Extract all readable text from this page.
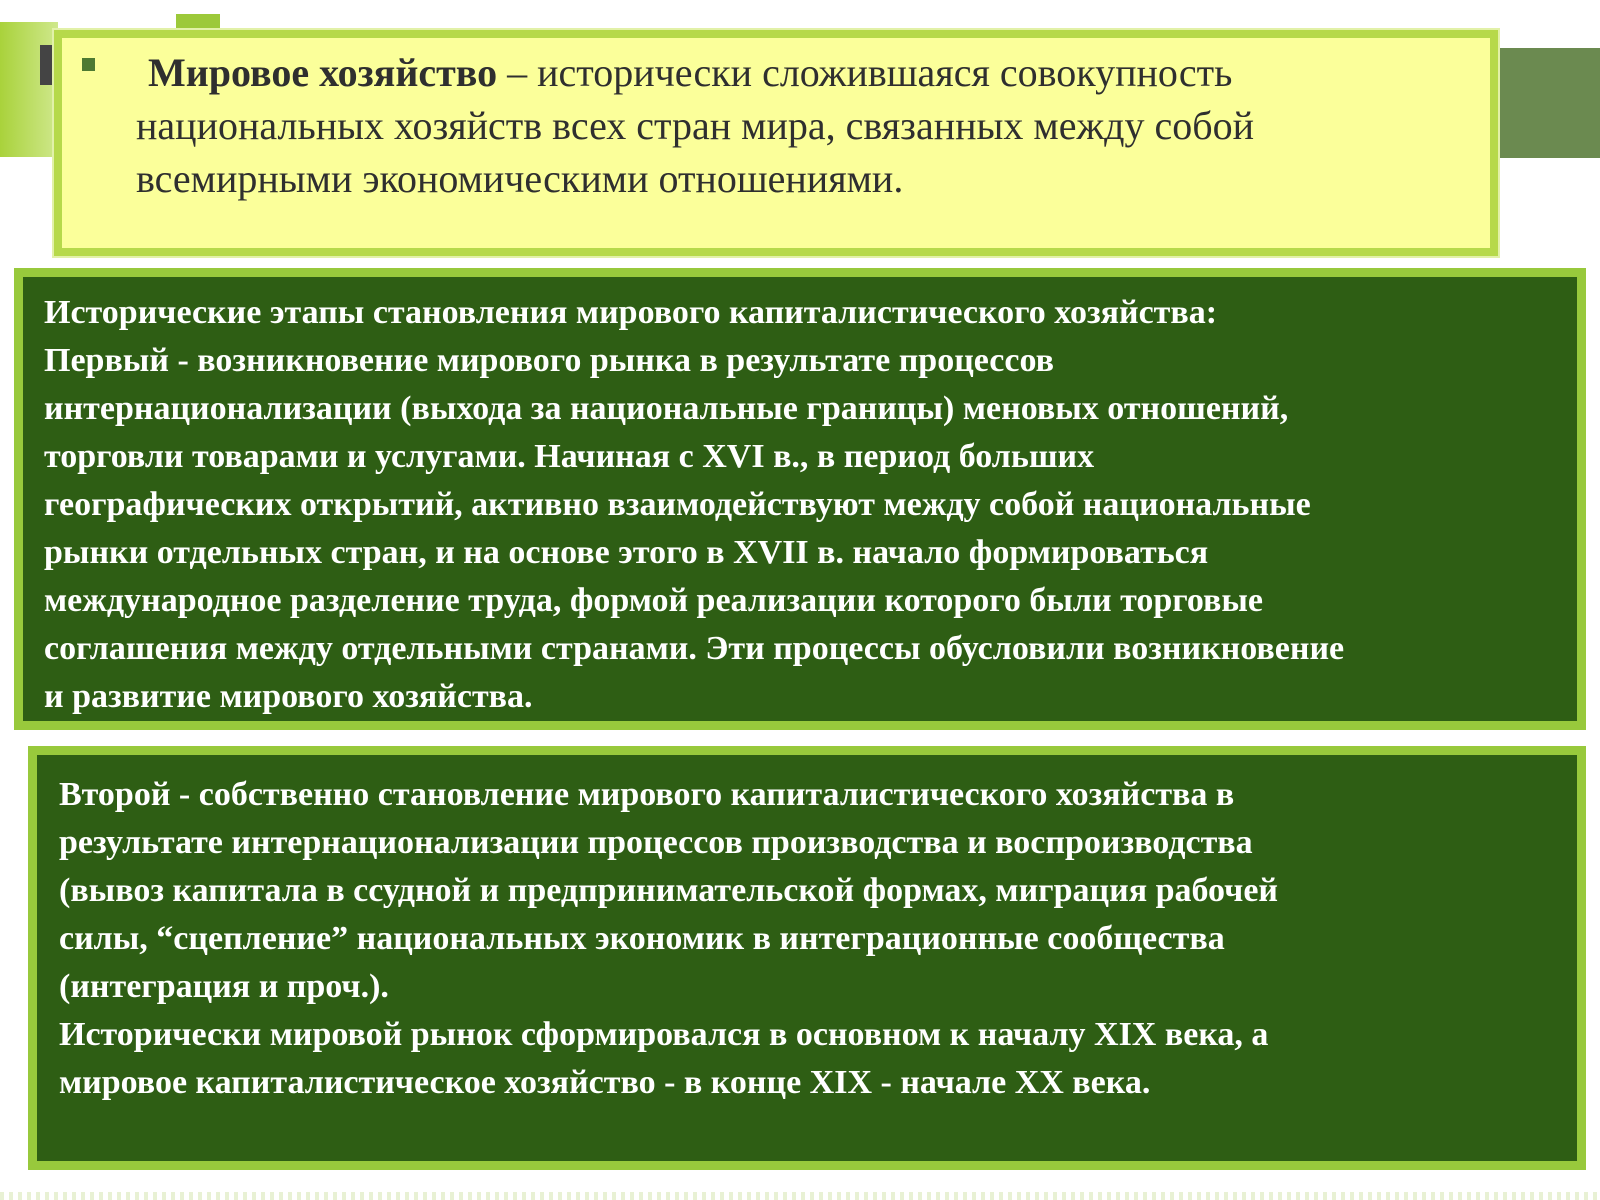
Мировое хозяйство – исторически сложившаяся совокупность
национальных хозяйств всех стран мира, связанных между собой
всемирными экономическими отношениями.
Исторические этапы становления мирового капиталистического хозяйства:
Первый - возникновение мирового рынка в результате процессов
интернационализации (выхода за национальные границы) меновых отношений,
торговли товарами и услугами. Начиная с XVI в., в период больших
географических открытий, активно взаимодействуют между собой национальные
рынки отдельных стран, и на основе этого в XVII в. начало формироваться
международное разделение труда, формой реализации которого были торговые
соглашения между отдельными странами. Эти процессы обусловили возникновение
и развитие мирового хозяйства.
Второй - собственно становление мирового капиталистического хозяйства в
результате интернационализации процессов производства и воспроизводства
(вывоз капитала в ссудной и предпринимательской формах, миграция рабочей
силы, “сцепление” национальных экономик в интеграционные сообщества
(интеграция и проч.).
Исторически мировой рынок сформировался в основном к началу XIX века, а
мировое капиталистическое хозяйство - в конце XIX - начале XX века.
